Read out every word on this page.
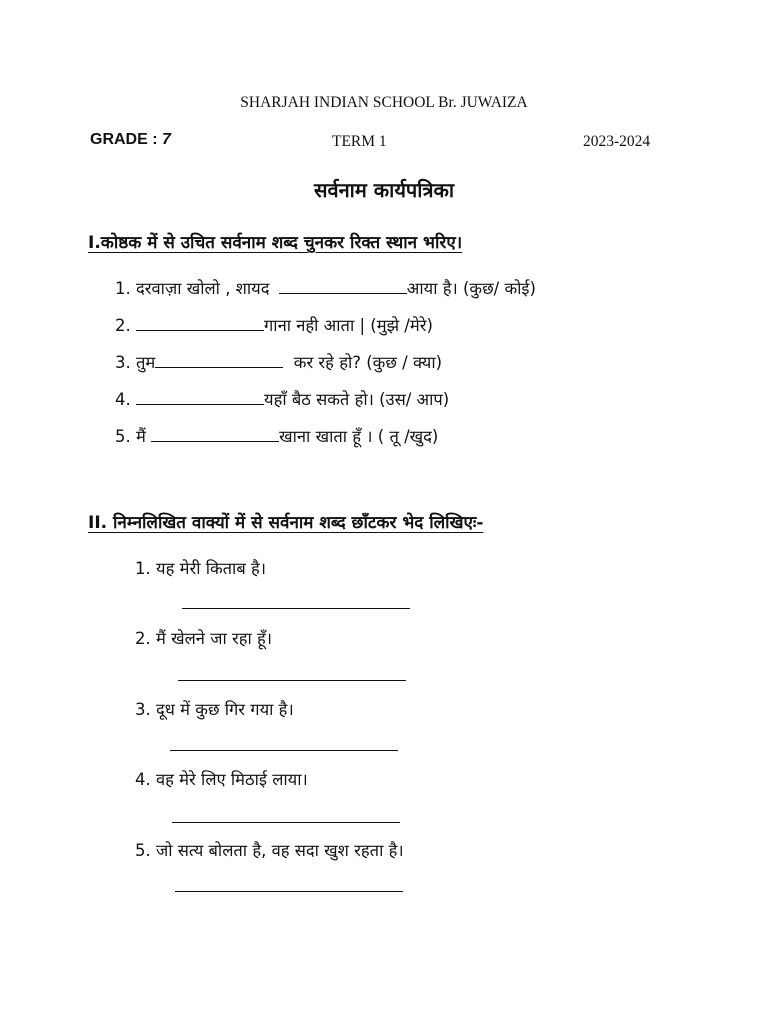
SHARJAH INDIAN SCHOOL Br. JUWAIZA
GRADE : 7	TERM 1	2023-2024
सर्वनाम कार्यपत्रिका
I.कोष्ठक में से उचित सर्वनाम शब्द चुनकर रिक्त स्थान भरिए।
1. दरवाज़ा खोलो , शायद	आया है। (कुछ/ कोई)
2.	गाना नही आता | (मुझे /मेरे)
3. तुम	कर रहे हो? (कुछ / क्या)
4.	यहाँ बैठ सकते हो। (उस/ आप)
5. मैं	खाना खाता हूँ । ( तू /खुद)
II. निम्नलिखित वाक्यों में से सर्वनाम शब्द छाँटकर भेद लिखिएः-
1. यह मेरी किताब है।
2. मैं खेलने जा रहा हूँ।
3. दूध में कुछ गिर गया है।
4. वह मेरे लिए मिठाई लाया।
5. जो सत्य बोलता है, वह सदा खुश रहता है।
